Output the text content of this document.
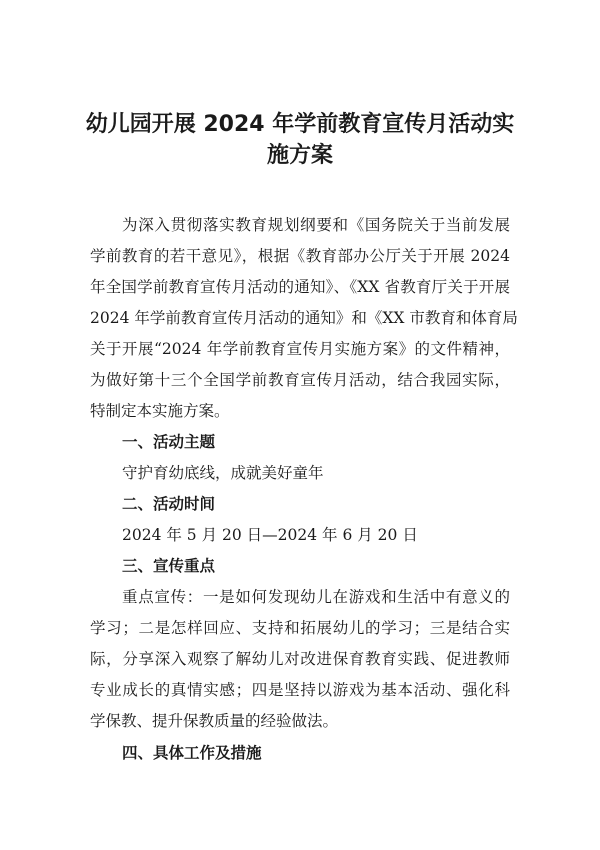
幼儿园开展 2024 年学前教育宣传月活动实
施方案

为深入贯彻落实教育规划纲要和《国务院关于当前发展

学前教育的若干意见》，根据《教育部办公厅关于开展 2024

年全国学前教育宣传月活动的通知》、《XX 省教育厅关于开展

2024 年学前教育宣传月活动的通知》和《XX 市教育和体育局

关于开展“2024 年学前教育宣传月实施方案》的文件精神，

为做好第十三个全国学前教育宣传月活动，结合我园实际，

特制定本实施方案。

一、活动主题

守护育幼底线，成就美好童年

二、活动时间

2024 年 5 月 20 日—2024 年 6 月 20 日

三、宣传重点

重点宣传：一是如何发现幼儿在游戏和生活中有意义的

学习；二是怎样回应、支持和拓展幼儿的学习；三是结合实

际，分享深入观察了解幼儿对改进保育教育实践、促进教师

专业成长的真情实感；四是坚持以游戏为基本活动、强化科

学保教、提升保教质量的经验做法。

四、具体工作及措施
